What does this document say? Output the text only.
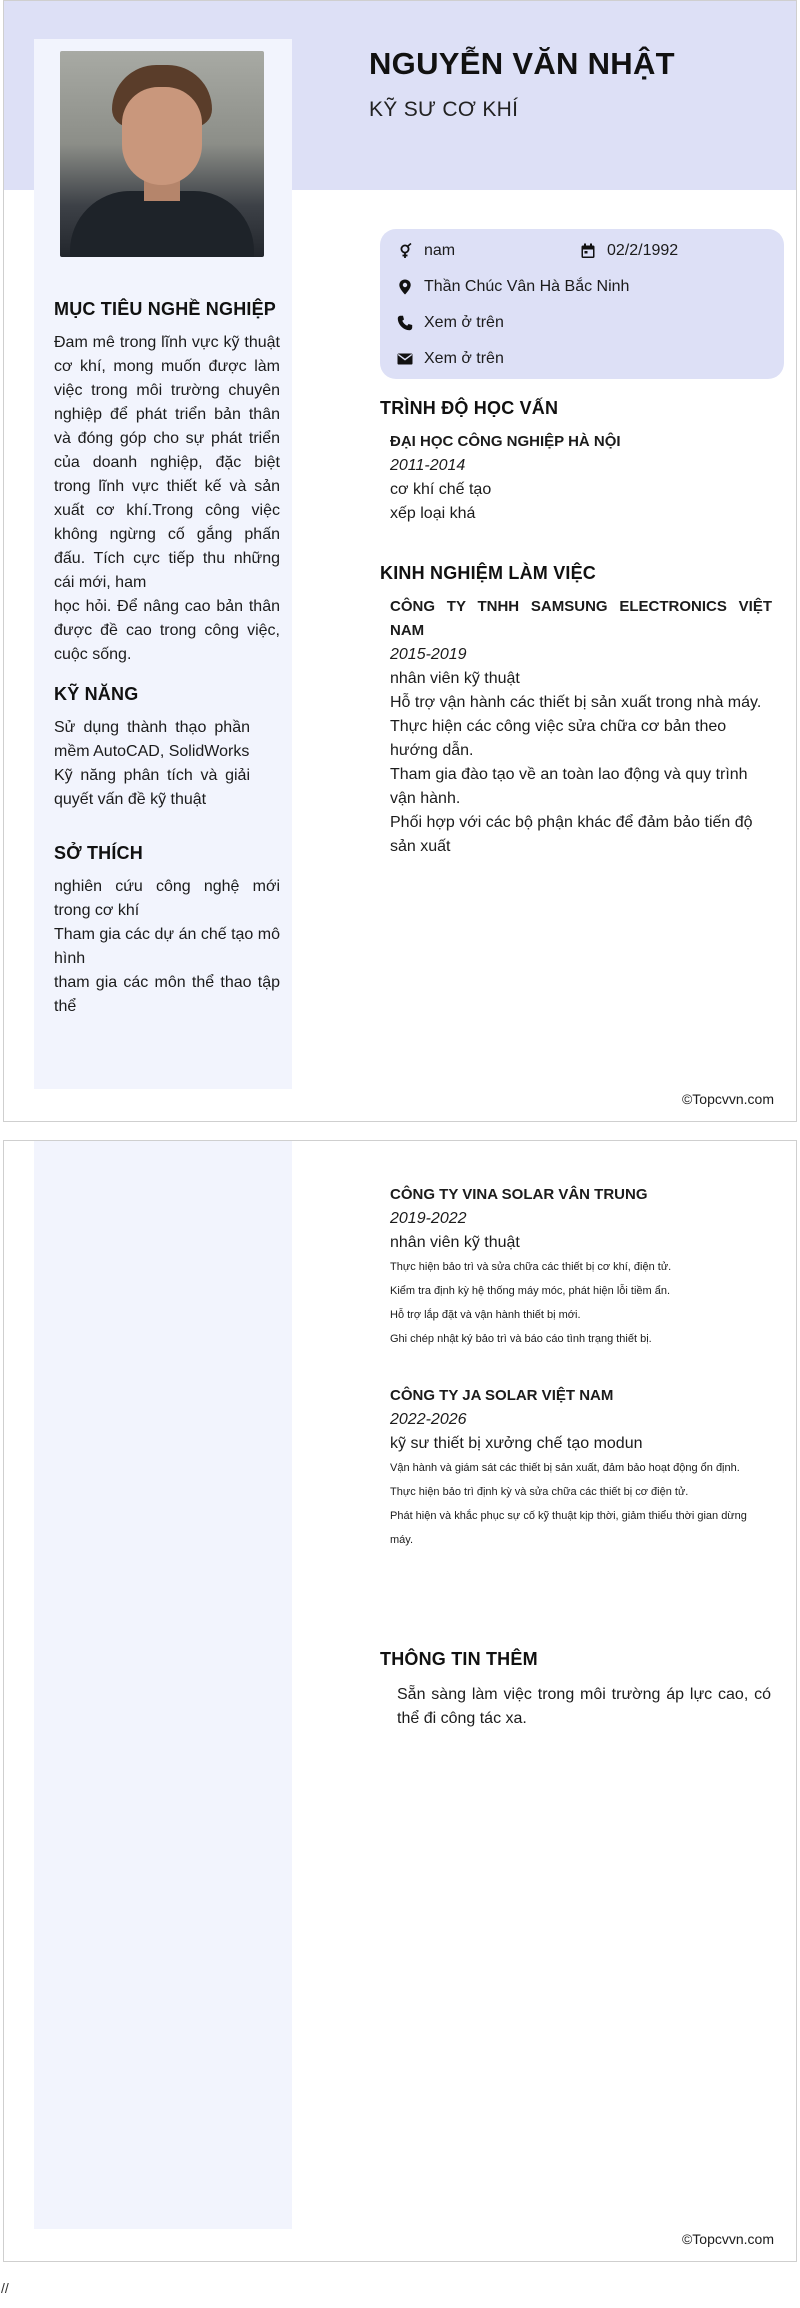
NGUYỄN VĂN NHẬT
KỸ SƯ CƠ KHÍ
nam	02/2/1992
Thần Chúc Vân Hà Bắc Ninh
Xem ở trên
Xem ở trên
MỤC TIÊU NGHỀ NGHIỆP

Đam mê trong lĩnh vực kỹ thuật cơ khí, mong muốn được làm việc trong môi trường chuyên nghiệp để phát triển bản thân và đóng góp cho sự phát triển của doanh nghiệp, đặc biệt trong lĩnh vực thiết kế và sản xuất cơ khí.Trong công việc không ngừng cố gắng phấn đấu. Tích cực tiếp thu những cái mới, ham

học hỏi. Để nâng cao bản thân được đề cao trong công việc, cuộc sống.

KỸ NĂNG

Sử dụng thành thạo phần mềm AutoCAD, SolidWorks

Kỹ năng phân tích và giải quyết vấn đề kỹ thuật

SỞ THÍCH

nghiên cứu công nghệ mới trong cơ khí

Tham gia các dự án chế tạo mô hình

tham gia các môn thể thao tập thể

TRÌNH ĐỘ HỌC VẤN

ĐẠI HỌC CÔNG NGHIỆP HÀ NỘI

2011-2014

cơ khí chế tạo

xếp loại khá

KINH NGHIỆM LÀM VIỆC

CÔNG TY TNHH SAMSUNG ELECTRONICS VIỆT NAM

2015-2019

nhân viên kỹ thuật

Hỗ trợ vận hành các thiết bị sản xuất trong nhà máy.

Thực hiện các công việc sửa chữa cơ bản theo hướng dẫn.

Tham gia đào tạo về an toàn lao động và quy trình vận hành.

Phối hợp với các bộ phận khác để đảm bảo tiến độ sản xuất

©Topcvvn.com

CÔNG TY VINA SOLAR VÂN TRUNG

2019-2022

nhân viên kỹ thuật

Thực hiện bảo trì và sửa chữa các thiết bị cơ khí, điện tử.

Kiểm tra định kỳ hệ thống máy móc, phát hiện lỗi tiềm ẩn.

Hỗ trợ lắp đặt và vận hành thiết bị mới.

Ghi chép nhật ký bảo trì và báo cáo tình trạng thiết bị.

CÔNG TY JA SOLAR VIỆT NAM

2022-2026

kỹ sư thiết bị xưởng chế tạo modun

Vận hành và giám sát các thiết bị sản xuất, đảm bảo hoạt động ổn định.

Thực hiện bảo trì định kỳ và sửa chữa các thiết bị cơ điện tử.

Phát hiện và khắc phục sự cố kỹ thuật kịp thời, giảm thiểu thời gian dừng máy.

THÔNG TIN THÊM
Sẵn sàng làm việc trong môi trường áp lực cao, có thể đi công tác xa.
©Topcvvn.com
//
